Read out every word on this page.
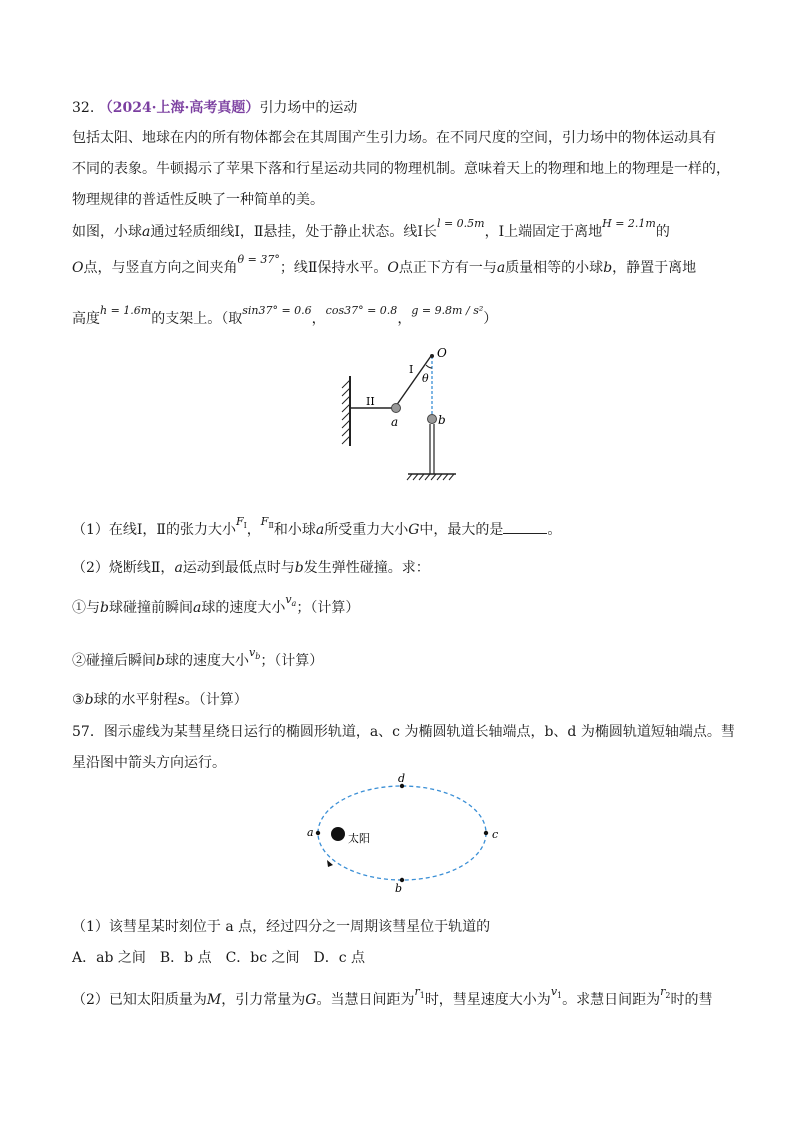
32. （2024·上海·高考真题）引力场中的运动
包括太阳、地球在内的所有物体都会在其周围产生引力场。在不同尺度的空间，引力场中的物体运动具有
不同的表象。牛顿揭示了苹果下落和行星运动共同的物理机制。意味着天上的物理和地上的物理是一样的，
物理规律的普适性反映了一种简单的美。
如图，小球a通过轻质细线Ⅰ，Ⅱ悬挂，处于静止状态。线Ⅰ长$^{l = 0.5m}$，Ⅰ上端固定于离地$^{H = 2.1m}$的
O点，与竖直方向之间夹角$^{\theta = 37^\circ}$；线Ⅱ保持水平。O点正下方有一与a质量相等的小球b，静置于离地
高度$^{h = 1.6m}$的支架上。（取$^{sin37^\circ = 0.6}$，$^{cos37^\circ = 0.8}$，$^{g = 9.8m / s^2}$）
O
I
θ
II
a	b
（1）在线Ⅰ，Ⅱ的张力大小$^{F_Ⅰ}$，$^{F_Ⅱ}$和小球a所受重力大小G中，最大的是	。
（2）烧断线Ⅱ，a运动到最低点时与b发生弹性碰撞。求：
①与b球碰撞前瞬间a球的速度大小$^{v_a}$；（计算）
②碰撞后瞬间b球的速度大小$^{v_b}$；（计算）
③b球的水平射程s。（计算）
57．图示虚线为某彗星绕日运行的椭圆形轨道，a、c 为椭圆轨道长轴端点，b、d 为椭圆轨道短轴端点。彗
星沿图中箭头方向运行。
a
d
c
b
太阳
（1）该彗星某时刻位于 a 点，经过四分之一周期该彗星位于轨道的
A．ab 之间　B．b 点　C．bc 之间　D．c 点
（2）已知太阳质量为M，引力常量为G。当慧日间距为$^{r_1}$时，彗星速度大小为$^{v_1}$。求慧日间距为$^{r_2}$时的彗
